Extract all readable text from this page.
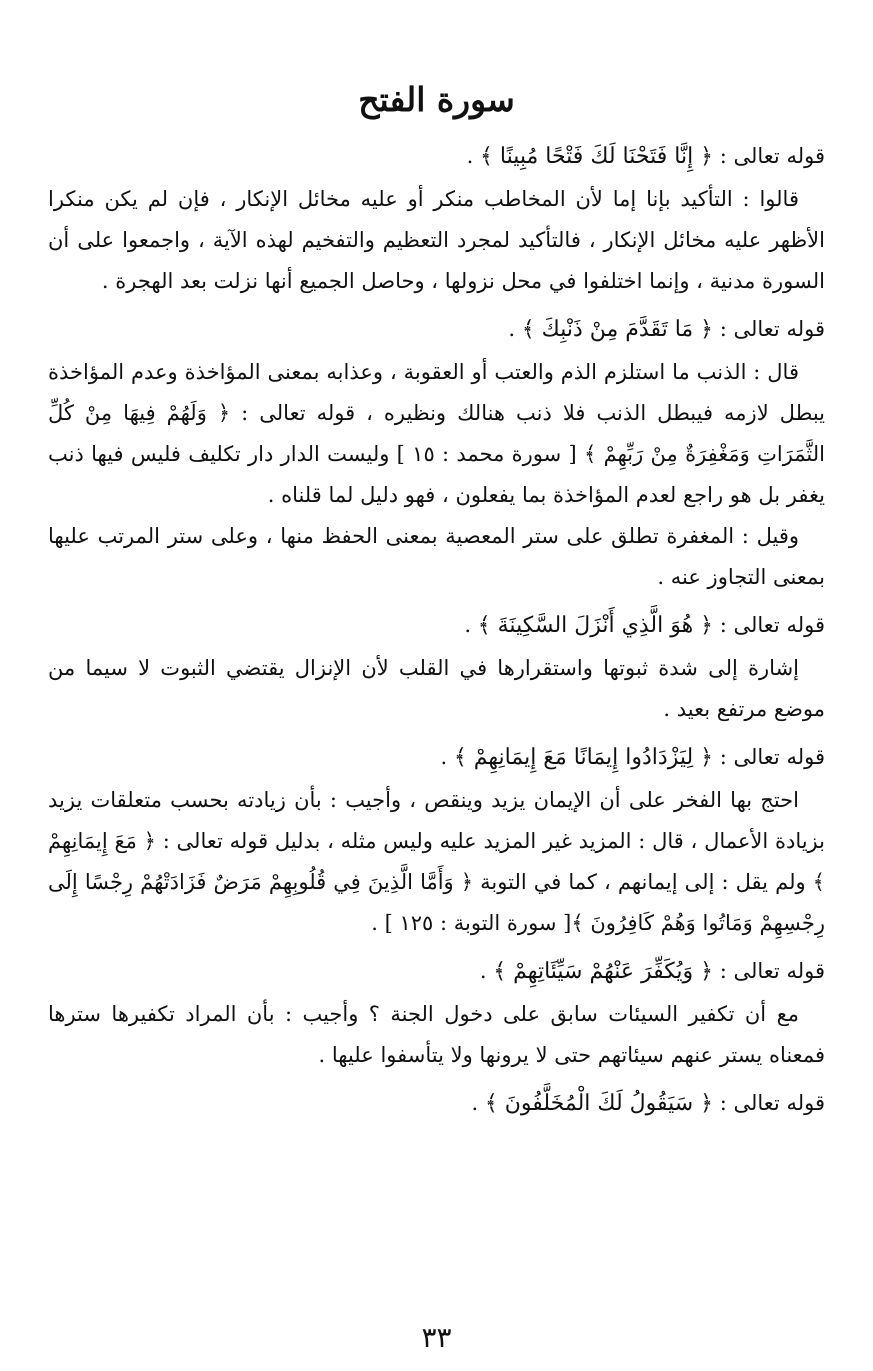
سورة الفتح
قوله تعالى : ﴿ إِنَّا فَتَحْنَا لَكَ فَتْحًا مُبِينًا ﴾ .

قالوا : التأكيد بإنا إما لأن المخاطب منكر أو عليه مخائل الإنكار ، فإن لم يكن منكرا الأظهر عليه مخائل الإنكار ، فالتأكيد لمجرد التعظيم والتفخيم لهذه الآية ، واجمعوا على أن السورة مدنية ، وإنما اختلفوا في محل نزولها ، وحاصل الجميع أنها نزلت بعد الهجرة .

قوله تعالى : ﴿ مَا تَقَدَّمَ مِنْ ذَنْبِكَ ﴾ .

قال : الذنب ما استلزم الذم والعتب أو العقوبة ، وعذابه بمعنى المؤاخذة وعدم المؤاخذة يبطل لازمه فيبطل الذنب فلا ذنب هنالك ونظيره ، قوله تعالى : ﴿ وَلَهُمْ فِيهَا مِنْ كُلِّ الثَّمَرَاتِ وَمَغْفِرَةٌ مِنْ رَبِّهِمْ ﴾ [ سورة محمد : ١٥ ] وليست الدار دار تكليف فليس فيها ذنب يغفر بل هو راجع لعدم المؤاخذة بما يفعلون ، فهو دليل لما قلناه .

وقيل : المغفرة تطلق على ستر المعصية بمعنى الحفظ منها ، وعلى ستر المرتب عليها بمعنى التجاوز عنه .

قوله تعالى : ﴿ هُوَ الَّذِي أَنْزَلَ السَّكِينَةَ ﴾ .

إشارة إلى شدة ثبوتها واستقرارها في القلب لأن الإنزال يقتضي الثبوت لا سيما من موضع مرتفع بعيد .

قوله تعالى : ﴿ لِيَزْدَادُوا إِيمَانًا مَعَ إِيمَانِهِمْ ﴾ .

احتج بها الفخر على أن الإيمان يزيد وينقص ، وأجيب : بأن زيادته بحسب متعلقات يزيد بزيادة الأعمال ، قال : المزيد غير المزيد عليه وليس مثله ، بدليل قوله تعالى : ﴿ مَعَ إِيمَانِهِمْ ﴾ ولم يقل : إلى إيمانهم ، كما في التوبة ﴿ وَأَمَّا الَّذِينَ فِي قُلُوبِهِمْ مَرَضٌ فَزَادَتْهُمْ رِجْسًا إِلَى رِجْسِهِمْ وَمَاتُوا وَهُمْ كَافِرُونَ ﴾[ سورة التوبة : ١٢٥ ] .

قوله تعالى : ﴿ وَيُكَفِّرَ عَنْهُمْ سَيِّئَاتِهِمْ ﴾ .

مع أن تكفير السيئات سابق على دخول الجنة ؟ وأجيب : بأن المراد تكفيرها سترها فمعناه يستر عنهم سيئاتهم حتى لا يرونها ولا يتأسفوا عليها .

قوله تعالى : ﴿ سَيَقُولُ لَكَ الْمُخَلَّفُونَ ﴾ .
٣٣
